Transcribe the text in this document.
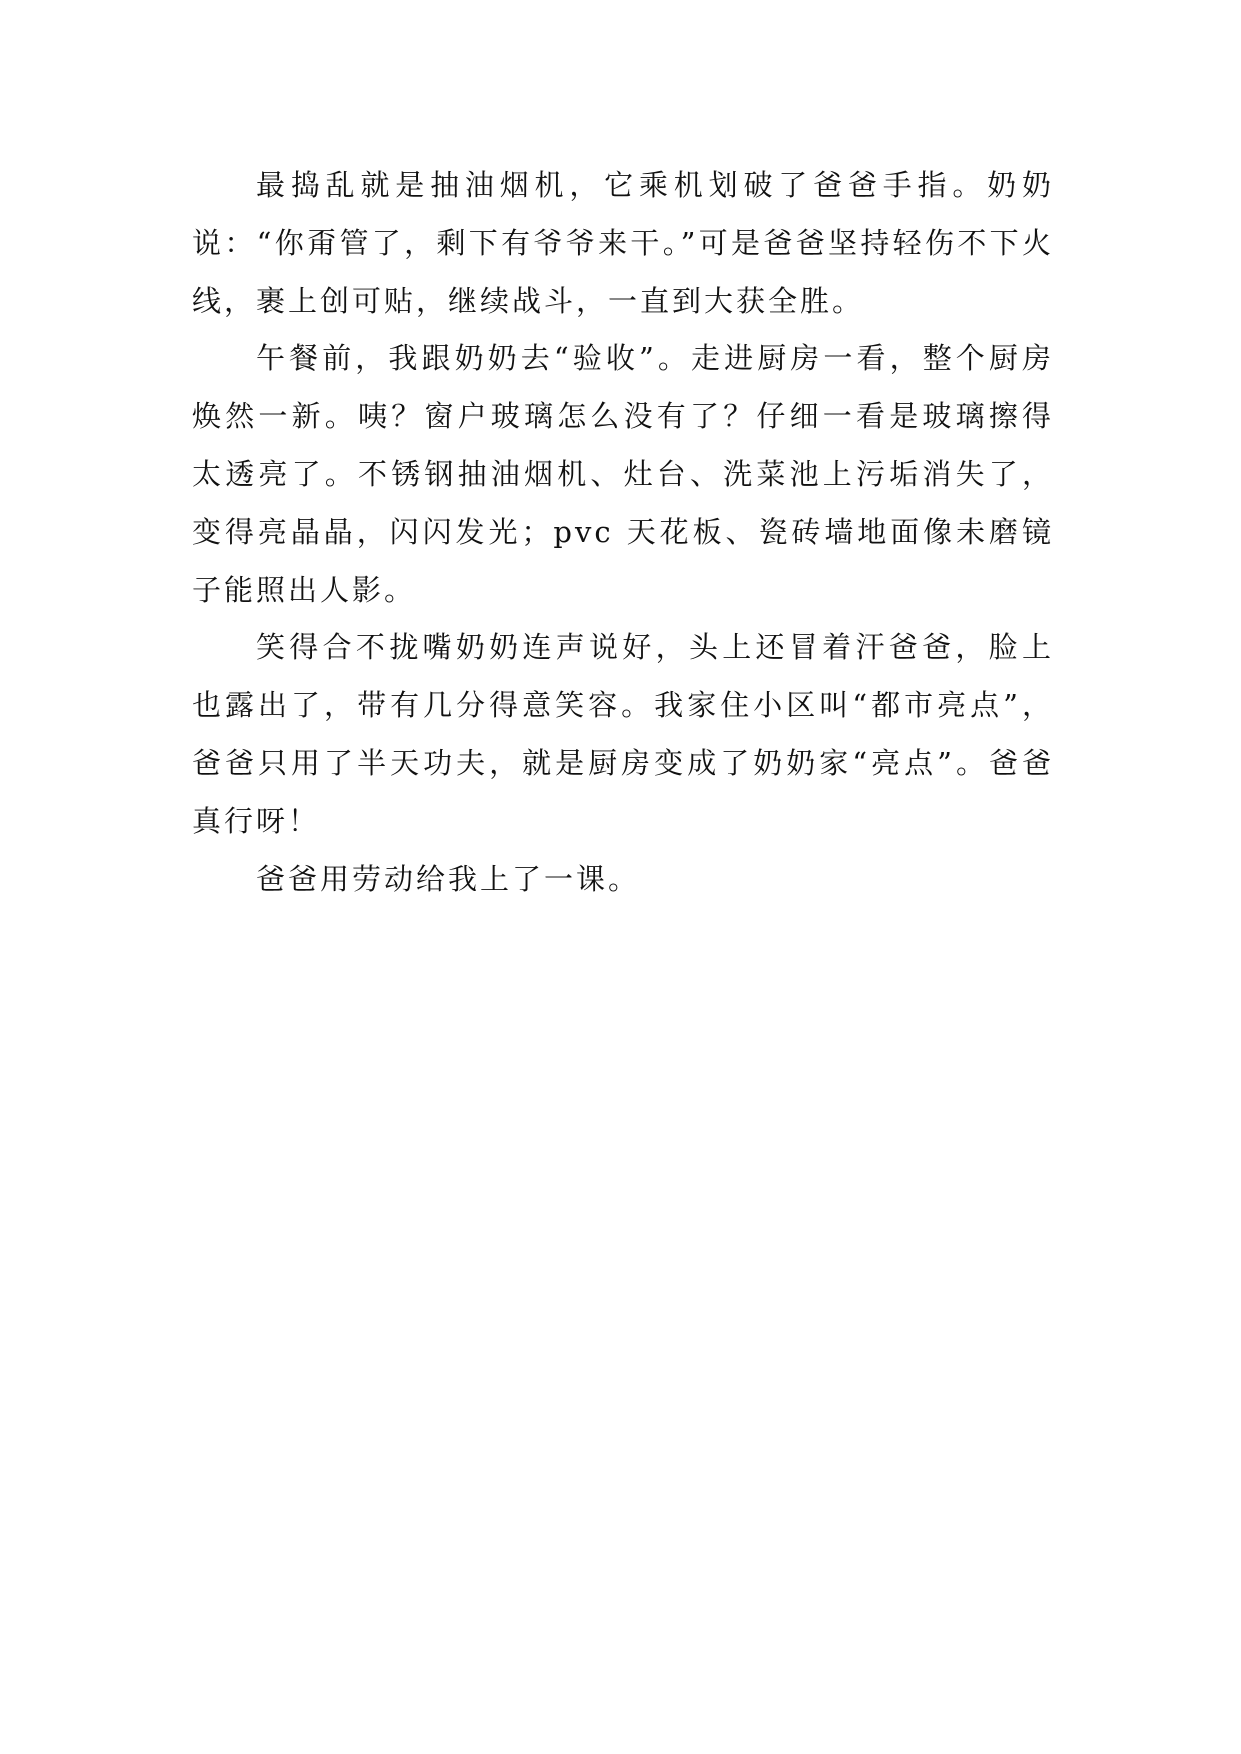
最捣乱就是抽油烟机，它乘机划破了爸爸手指。奶奶说：“你甭管了，剩下有爷爷来干。”可是爸爸坚持轻伤不下火线，裹上创可贴，继续战斗，一直到大获全胜。

午餐前，我跟奶奶去“验收”。走进厨房一看，整个厨房焕然一新。咦？窗户玻璃怎么没有了？仔细一看是玻璃擦得太透亮了。不锈钢抽油烟机、灶台、洗菜池上污垢消失了，变得亮晶晶，闪闪发光；pvc 天花板、瓷砖墙地面像未磨镜子能照出人影。

笑得合不拢嘴奶奶连声说好，头上还冒着汗爸爸，脸上也露出了，带有几分得意笑容。我家住小区叫“都市亮点”，爸爸只用了半天功夫，就是厨房变成了奶奶家“亮点”。爸爸真行呀！

爸爸用劳动给我上了一课。
